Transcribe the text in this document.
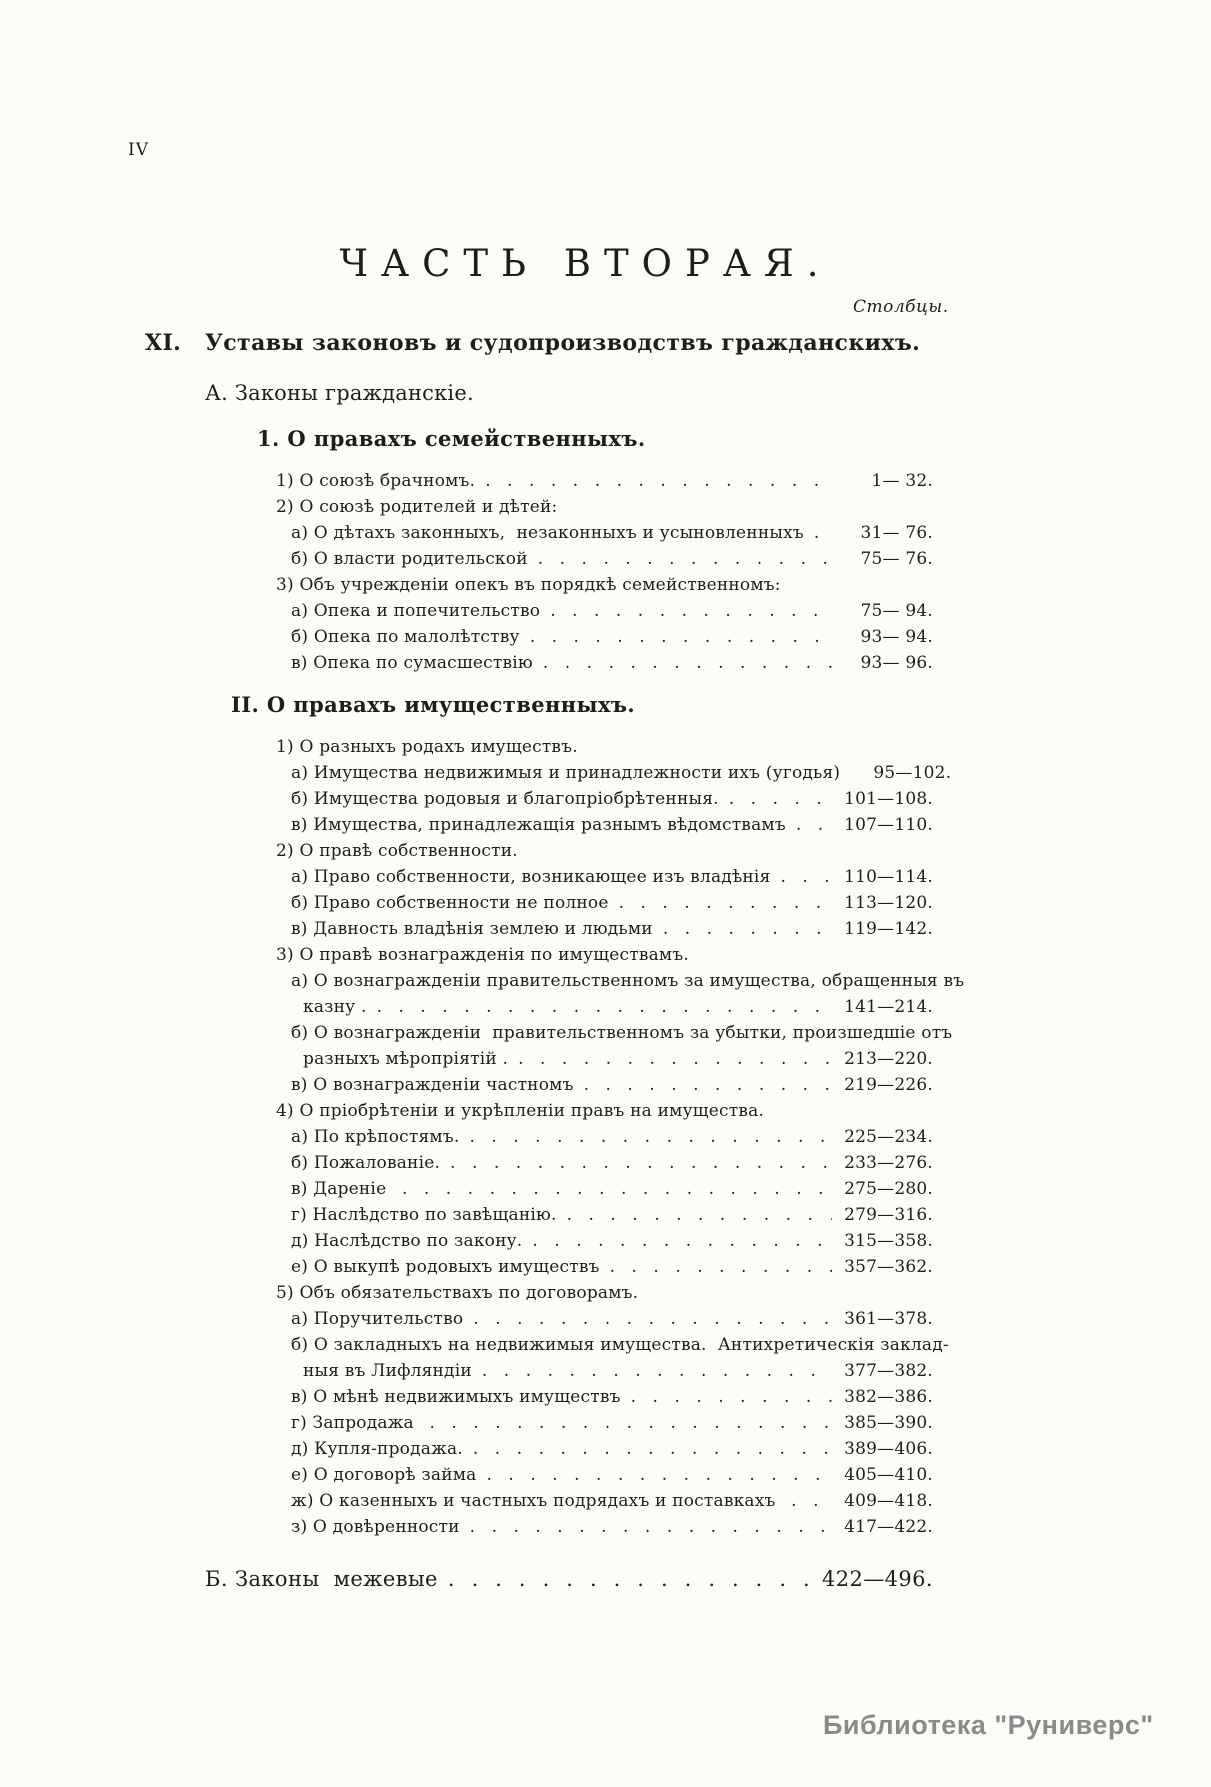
IV
ЧАСТЬ ВТОРАЯ.
Столбцы.
XI.	Уставы законовъ и судопроизводствъ гражданскихъ.
А. Законы гражданскіе.
1. О правахъ семейственныхъ.
1) О союзѣ брачномъ. .....	1— 32.
2) О союзѣ родителей и дѣтей:
а) О дѣтахъ законныхъ,  незаконныхъ и усыновленныхъ .....	31— 76.
б) О власти родительской .....	75— 76.
3) Объ учрежденіи опекъ въ порядкѣ семейственномъ:
а) Опека и попечительство .....	75— 94.
б) Опека по малолѣтству .....	93— 94.
в) Опека по сумасшествію .....	93— 96.
II. О правахъ имущественныхъ.
1) О разныхъ родахъ имуществъ.
а) Имущества недвижимыя и принадлежности ихъ (угодья)	95—102.
б) Имущества родовыя и благопріобрѣтенныя. .....	101—108.
в) Имущества, принадлежащія разнымъ вѣдомствамъ .....	107—110.
2) О правѣ собственности.
а) Право собственности, возникающее изъ владѣнія .....	110—114.
б) Право собственности не полное .....	113—120.
в) Давность владѣнія землею и людьми .....	119—142.
3) О правѣ вознагражденія по имуществамъ.
а) О вознагражденіи правительственномъ за имущества, обращенныя въ
казну . .....	141—214.
б) О вознагражденіи  правительственномъ за убытки, произшедшіе отъ
разныхъ мѣропріятій . .....	213—220.
в) О вознагражденіи частномъ .....	219—226.
4) О пріобрѣтеніи и укрѣпленіи правъ на имущества.
а) По крѣпостямъ. .....	225—234.
б) Пожалованіе. .....	233—276.
в) Дареніе .....	275—280.
г) Наслѣдство по завѣщанію. .....	279—316.
д) Наслѣдство по закону. .....	315—358.
е) О выкупѣ родовыхъ имуществъ .....	357—362.
5) Объ обязательствахъ по договорамъ.
а) Поручительство .....	361—378.
б) О закладныхъ на недвижимыя имущества.  Антихретическія заклад-
ныя въ Лифляндіи .....	377—382.
в) О мѣнѣ недвижимыхъ имуществъ .....	382—386.
г) Запродажа .....	385—390.
д) Купля-продажа. .....	389—406.
е) О договорѣ займа .....	405—410.
ж) О казенныхъ и частныхъ подрядахъ и поставкахъ .....	409—418.
з) О довѣренности .....	417—422.
Б. Законы  межевые .....	422—496.
Библиотека "Руниверс"
